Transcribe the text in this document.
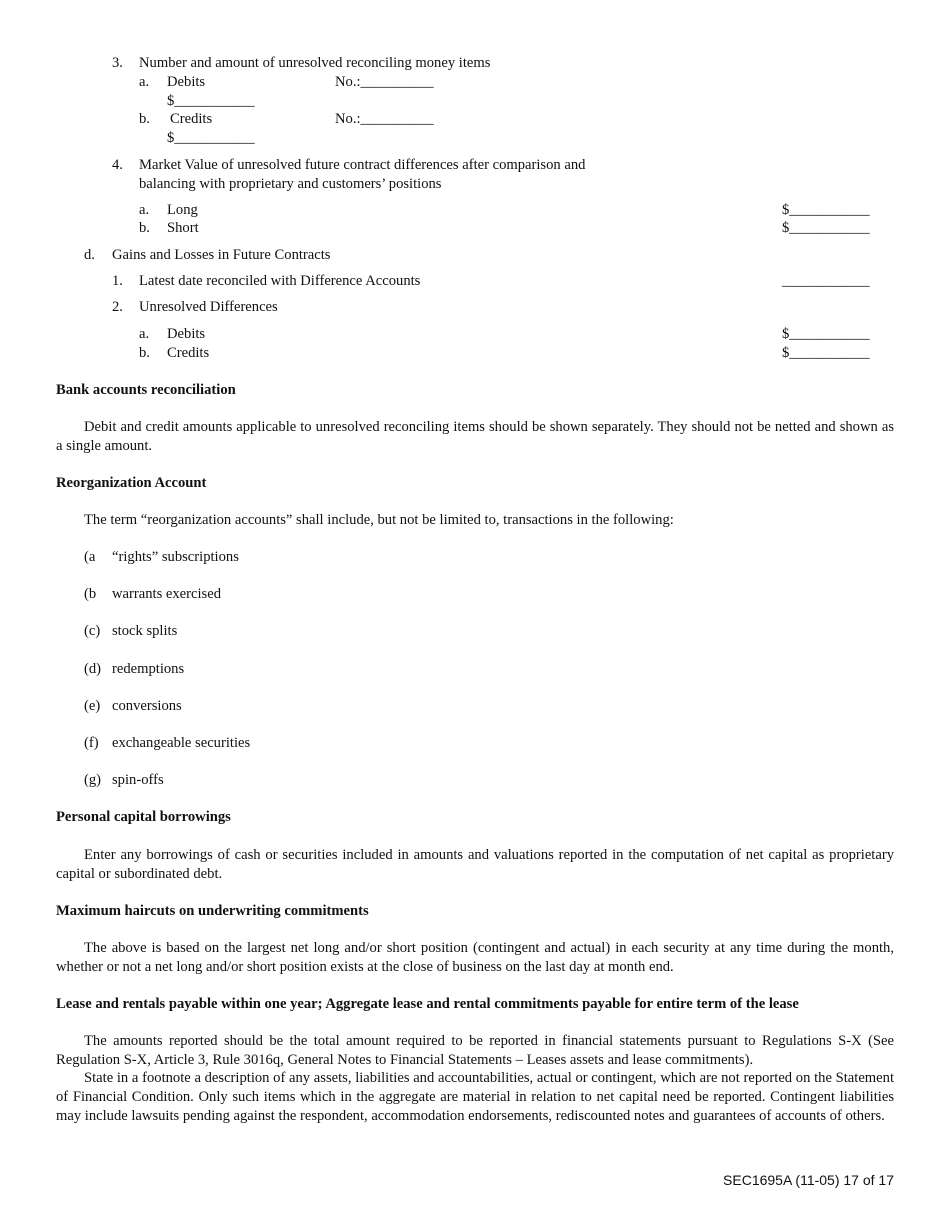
3. Number and amount of unresolved reconciling money items
a. Debits	No.:__________
$___________
b. Credits	No.:__________
$___________
4. Market Value of unresolved future contract differences after comparison and
balancing with proprietary and customers’ positions
a. Long	$___________
b. Short	$___________
d. Gains and Losses in Future Contracts
1. Latest date reconciled with Difference Accounts	____________
2. Unresolved Differences
a. Debits	$___________
b. Credits	$___________
Bank accounts reconciliation
Debit and credit amounts applicable to unresolved reconciling items should be shown separately. They should not be netted and shown as a single amount.
Reorganization Account
The term “reorganization accounts” shall include, but not be limited to, transactions in the following:
(a “rights” subscriptions
(b warrants exercised
(c) stock splits
(d) redemptions
(e) conversions
(f) exchangeable securities
(g) spin-offs
Personal capital borrowings
Enter any borrowings of cash or securities included in amounts and valuations reported in the computation of net capital as proprietary capital or subordinated debt.
Maximum haircuts on underwriting commitments
The above is based on the largest net long and/or short position (contingent and actual) in each security at any time during the month, whether or not a net long and/or short position exists at the close of business on the last day at month end.
Lease and rentals payable within one year; Aggregate lease and rental commitments payable for entire term of the lease
The amounts reported should be the total amount required to be reported in financial statements pursuant to Regulations S-X (See Regulation S-X, Article 3, Rule 3016q, General Notes to Financial Statements – Leases assets and lease commitments).
State in a footnote a description of any assets, liabilities and accountabilities, actual or contingent, which are not reported on the Statement of Financial Condition. Only such items which in the aggregate are material in relation to net capital need be reported. Contingent liabilities may include lawsuits pending against the respondent, accommodation endorsements, rediscounted notes and guarantees of accounts of others.
SEC1695A (11-05) 17 of 17
